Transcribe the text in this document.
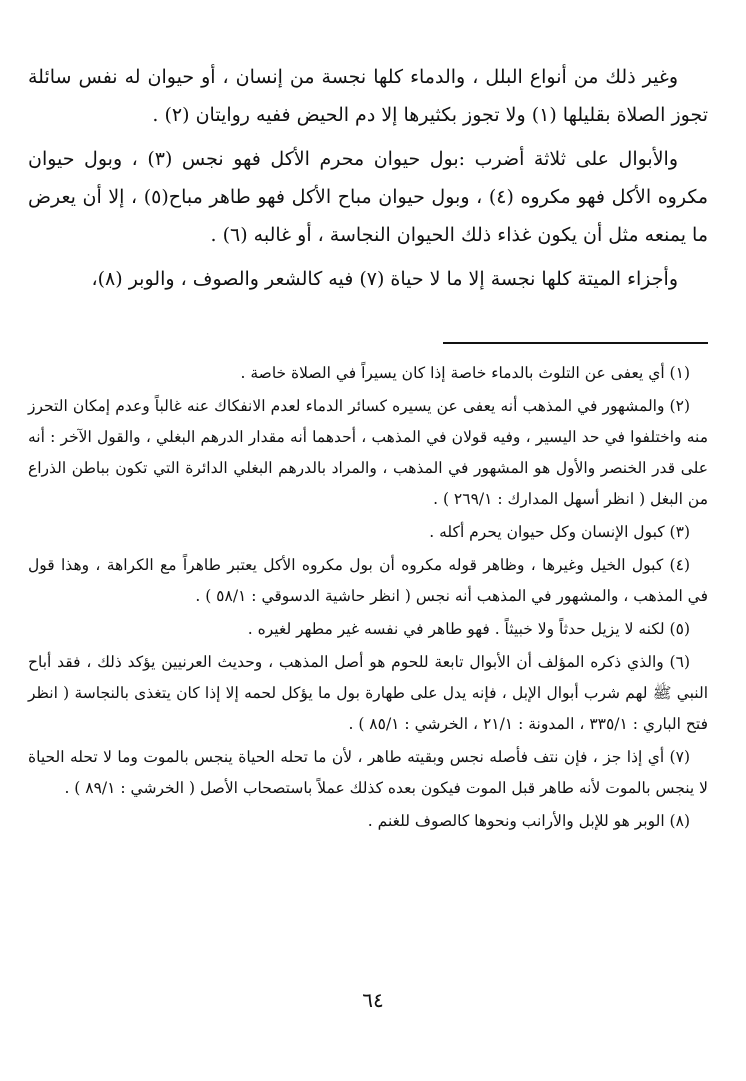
وغير ذلك من أنواع البلل ، والدماء كلها نجسة من إنسان ، أو حيوان له نفس سائلة تجوز الصلاة بقليلها (١) ولا تجوز بكثيرها إلا دم الحيض ففيه روايتان (٢) .

والأبوال على ثلاثة أضرب :بول حيوان محرم الأكل فهو نجس (٣) ، وبول حيوان مكروه الأكل فهو مكروه (٤) ، وبول حيوان مباح الأكل فهو طاهر مباح(٥) ، إلا أن يعرض ما يمنعه مثل أن يكون غذاء ذلك الحيوان النجاسة ، أو غالبه (٦) .

وأجزاء الميتة كلها نجسة إلا ما لا حياة (٧) فيه كالشعر والصوف ، والوبر (٨)،

(١) أي يعفى عن التلوث بالدماء خاصة إذا كان يسيراً في الصلاة خاصة .

(٢) والمشهور في المذهب أنه يعفى عن يسيره كسائر الدماء لعدم الانفكاك عنه غالباً وعدم إمكان التحرز منه واختلفوا في حد اليسير ، وفيه قولان في المذهب ، أحدهما أنه مقدار الدرهم البغلي ، والقول الآخر : أنه على قدر الخنصر والأول هو المشهور في المذهب ، والمراد بالدرهم البغلي الدائرة التي تكون بباطن الذراع من البغل ( انظر أسهل المدارك : ٢٦٩/١ ) .

(٣) كبول الإنسان وكل حيوان يحرم أكله .

(٤) كبول الخيل وغيرها ، وظاهر قوله مكروه أن بول مكروه الأكل يعتبر طاهراً مع الكراهة ، وهذا قول في المذهب ، والمشهور في المذهب أنه نجس ( انظر حاشية الدسوقي : ٥٨/١ ) .

(٥) لكنه لا يزيل حدثاً ولا خبيثاً . فهو طاهر في نفسه غير مطهر لغيره .

(٦) والذي ذكره المؤلف أن الأبوال تابعة للحوم هو أصل المذهب ، وحديث العرنيين يؤكد ذلك ، فقد أباح النبي ﷺ لهم شرب أبوال الإبل ، فإنه يدل على طهارة بول ما يؤكل لحمه إلا إذا كان يتغذى بالنجاسة ( انظر فتح الباري : ٣٣٥/١ ، المدونة : ٢١/١ ، الخرشي : ٨٥/١ ) .

(٧) أي إذا جز ، فإن نتف فأصله نجس وبقيته طاهر ، لأن ما تحله الحياة ينجس بالموت وما لا تحله الحياة لا ينجس بالموت لأنه طاهر قبل الموت فيكون بعده كذلك عملاً باستصحاب الأصل ( الخرشي : ٨٩/١ ) .

(٨) الوبر هو للإبل والأرانب ونحوها كالصوف للغنم .

٦٤
